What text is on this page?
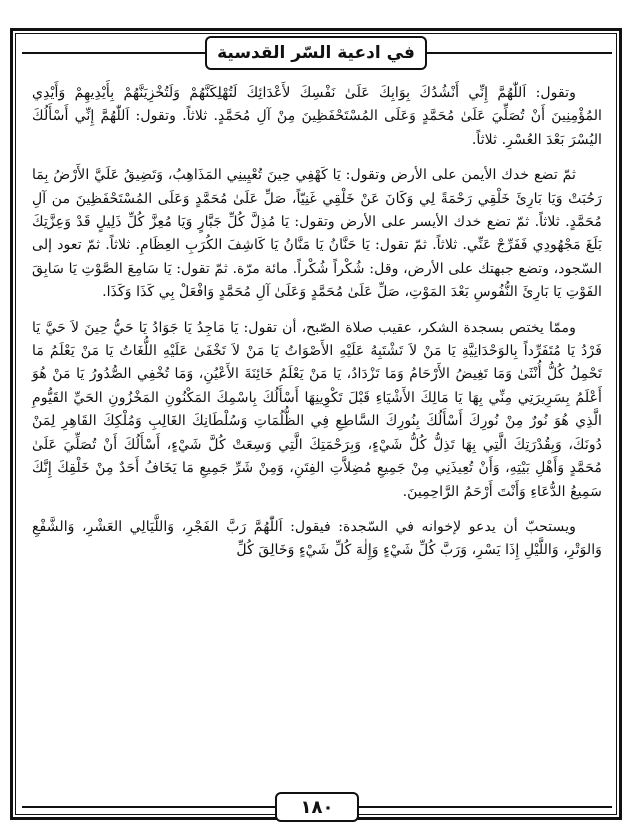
في ادعية السّر القدسية

وتقول: اَللّٰهُمَّ إِنِّي أَنْشُدُكَ بِوَابِكَ عَلَىٰ نَفْسِكَ لأَعْدَائِكَ لَتُهْلِكَنَّهُمْ وَلَتُخْزِيَنَّهُمْ بِأَيْدِيهِمْ وَأَيْدِي المُؤْمِنِينَ أَنْ تُصَلِّيَ عَلَىٰ مُحَمَّدٍ وَعَلَى المُسْتَحْفَظِينَ مِنْ آلِ مُحَمَّدٍ. ثلاثاً. وتقول: اَللّٰهُمَّ إِنِّي أَسْأَلُكَ اليُسْرَ بَعْدَ العُسْرِ. ثلاثاً.

ثمّ تضع خدك الأيمن على الأرض وتقول: يَا كَهْفِي حِينَ تُعْيِينِي المَذَاهِبُ، وَتَضِيقُ عَلَيَّ الأَرْضُ بِمَا رَحُبَتْ وَيَا بَارِئَ خَلْقِي رَحْمَةً لِي وَكَانَ عَنْ خَلْقِي غَنِيّاً، صَلِّ عَلَىٰ مُحَمَّدٍ وَعَلَى المُسْتَحْفَظِينَ من آلِ مُحَمَّدٍ. ثلاثاً. ثمّ تضع خدك الأيسر على الأرض وتقول: يَا مُذِلَّ كُلِّ جَبَّارٍ وَيَا مُعِزَّ كُلِّ ذَلِيلٍ قَدْ وَعِزَّتِكَ بَلَغَ مَجْهُودِي فَفَرِّجْ عَنِّي. ثلاثاً. ثمّ تقول: يَا حَنَّانُ يَا مَنَّانُ يَا كَاشِفَ الكُرَبِ العِظَامِ. ثلاثاً. ثمّ تعود إلى السّجود، وتضع جبهتك على الأرض، وقل: شُكْراً شُكْراً. مائة مرّة. ثمّ تقول: يَا سَامِعَ الصَّوْتِ يَا سَابِقَ الفَوْتِ يَا بَارِئَ النُّفُوسِ بَعْدَ المَوْتِ، صَلِّ عَلَىٰ مُحَمَّدٍ وَعَلَىٰ آلِ مُحَمَّدٍ وَافْعَلْ بِي كَذَا وَكَذَا.

وممّا يختص بسجدة الشكر، عقيب صلاة الصّبح، أن تقول: يَا مَاجِدُ يَا جَوَادُ يَا حَيُّ حِينَ لاَ حَيَّ يَا فَرْدُ يَا مُتَفَرِّداً بِالوَحْدَانِيَّةِ يَا مَنْ لاَ تَشْتَبِهُ عَلَيْهِ الأَصْوَاتُ يَا مَنْ لاَ تَخْفَىٰ عَلَيْهِ اللُّغَاتُ يَا مَنْ يَعْلَمُ مَا تَحْمِلُ كُلُّ أُنْثَىٰ وَمَا تَغِيضُ الأَرْحَامُ وَمَا تَزْدَادُ، يَا مَنْ يَعْلَمُ خَائِنَةَ الأَعْيُنِ، وَمَا تُخْفِي الصُّدُورُ يَا مَنْ هُوَ أَعْلَمُ بِسَرِيرَتِي مِنِّي بِهَا يَا مَالِكَ الأَشْيَاءِ قَبْلَ تَكْوِينِهَا أَسْأَلُكَ بِاسْمِكَ المَكْنُونِ المَخْزُونِ الحَيِّ القَيُّومِ الَّذِي هُوَ نُورٌ مِنْ نُورِكَ أَسْأَلُكَ بِنُورِكَ السَّاطِعِ فِي الظُّلُمَاتِ وَسُلْطَانِكَ الغَالِبِ وَمُلْكِكَ القَاهِرِ لِمَنْ دُونَكَ، وَبِقُدْرَتِكَ الَّتِي بِهَا تَذِلُّ كُلُّ شَيْءٍ، وَبِرَحْمَتِكَ الَّتِي وَسِعَتْ كُلَّ شَيْءٍ، أَسْأَلُكَ أَنْ تُصَلِّيَ عَلَىٰ مُحَمَّدٍ وَأَهْلِ بَيْتِهِ، وَأَنْ تُعِيذَنِي مِنْ جَمِيعِ مُضِلاَّتِ الفِتَنِ، وَمِنْ شَرِّ جَمِيعِ مَا يَخَافُ أَحَدٌ مِنْ خَلْقِكَ إِنَّكَ سَمِيعُ الدُّعَاءِ وَأَنْتَ أَرْحَمُ الرَّاحِمِينَ.

ويستحبّ أن يدعو لإخوانه في السّجدة: فيقول: اَللّٰهُمَّ رَبَّ الفَجْرِ، وَاللَّيَالِي العَشْرِ، وَالشَّفْعِ وَالوَتْرِ، وَاللَّيْلِ إِذَا يَسْرِ، وَرَبَّ كُلِّ شَيْءٍ وَإِلٰهَ كُلِّ شَيْءٍ وَخَالِقَ كُلِّ

١٨٠
